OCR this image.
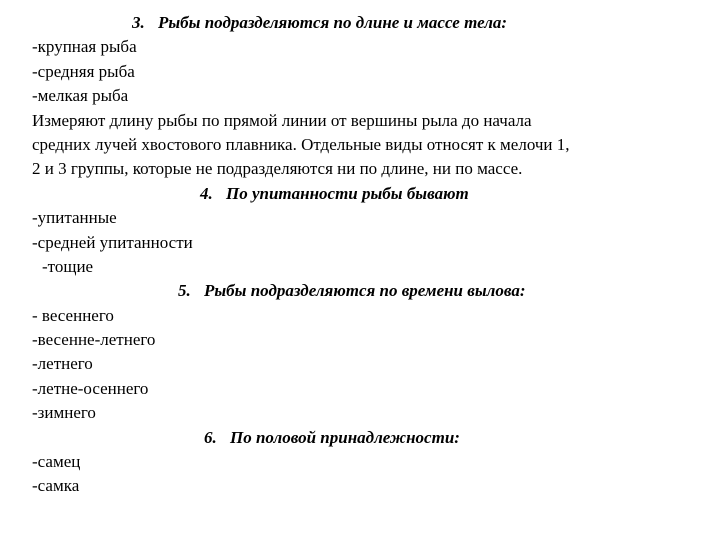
3. Рыбы подразделяются по длине и массе тела:
-крупная рыба
-средняя рыба
-мелкая рыба
Измеряют длину рыбы по прямой линии от вершины рыла до начала
средних лучей хвостового плавника. Отдельные виды относят к мелочи 1,
2 и 3 группы, которые не подразделяются ни по длине, ни по массе.
4. По упитанности рыбы бывают
-упитанные
-средней упитанности
-тощие
5. Рыбы подразделяются по времени вылова:
- весеннего
-весенне-летнего
-летнего
-летне-осеннего
-зимнего
6. По половой принадлежности:
-самец
-самка
